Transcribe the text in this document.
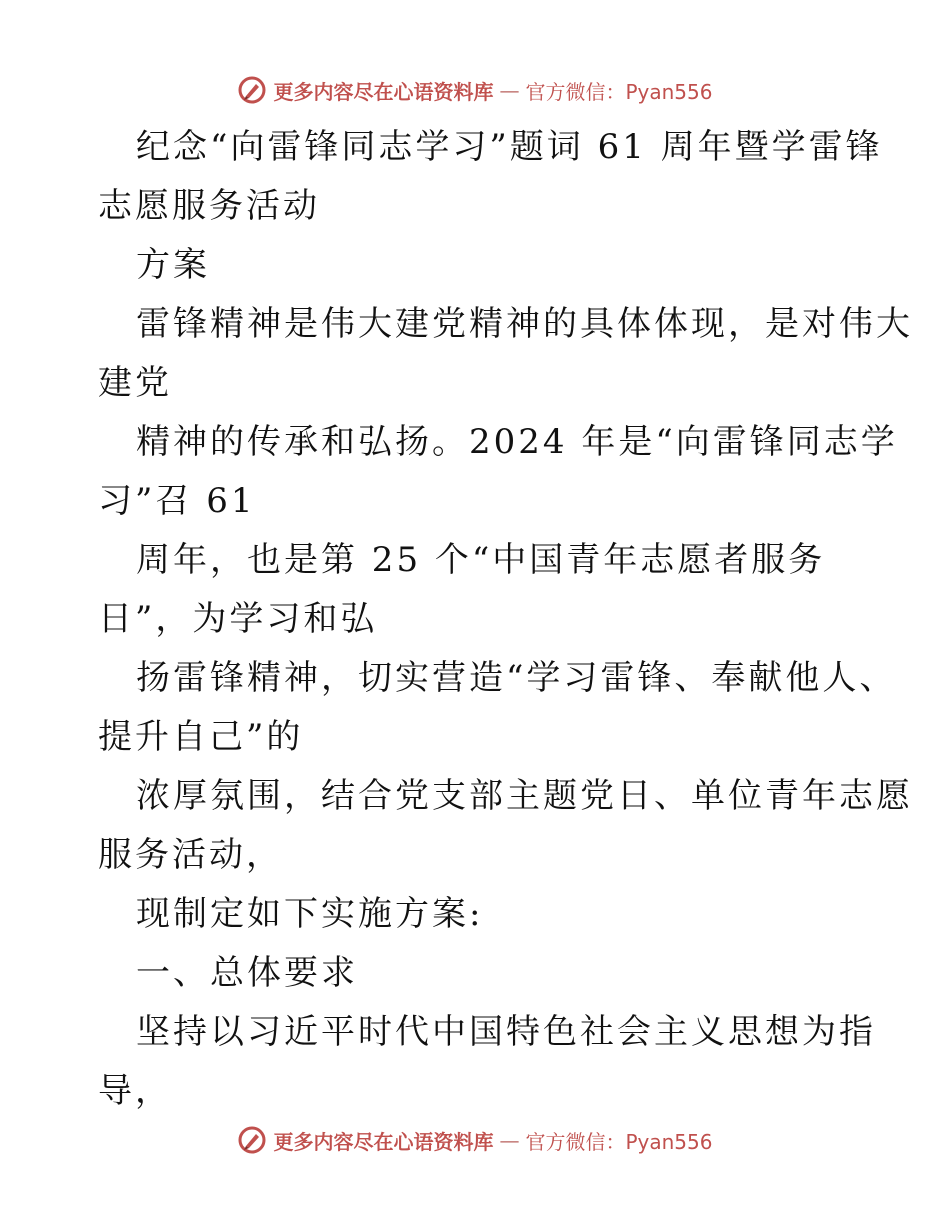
更多内容尽在心语资料库 — 官方微信：Pyan556
纪念“向雷锋同志学习”题词 61 周年暨学雷锋
志愿服务活动
方案
雷锋精神是伟大建党精神的具体体现，是对伟大
建党
精神的传承和弘扬。2024 年是“向雷锋同志学
习”召 61
周年，也是第 25 个“中国青年志愿者服务
日”，为学习和弘
扬雷锋精神，切实营造“学习雷锋、奉献他人、
提升自己”的
浓厚氛围，结合党支部主题党日、单位青年志愿
服务活动，
现制定如下实施方案:
一、总体要求
坚持以习近平时代中国特色社会主义思想为指
导，
更多内容尽在心语资料库 — 官方微信：Pyan556
